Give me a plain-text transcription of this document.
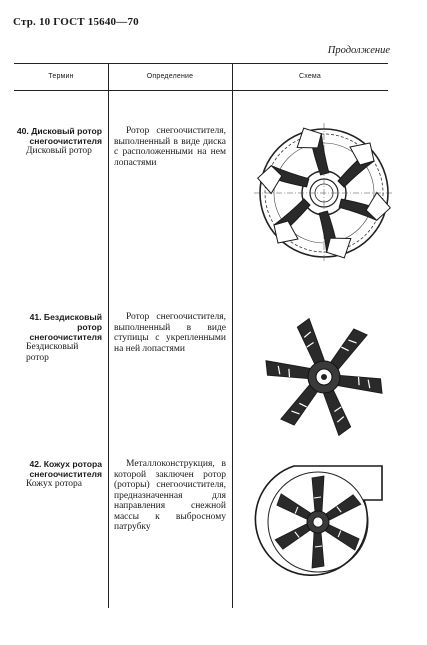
Стр. 10 ГОСТ 15640—70
Продолжение
Термин	Определение	Схема
40. Дисковый ротор снегоочистителя
Дисковый ротор
Ротор снегоочистителя, выполненный в виде диска с расположенными на нем лопастями
41. Бездисковый ротор снегоочистителя
Бездисковый ротор
Ротор снегоочистителя, выполненный в виде ступицы с укрепленными на ней лопастями
42. Кожух ротора снегоочистителя
Кожух ротора
Металлоконструкция, в которой заключен ротор (роторы) снегоочистителя, предназначенная для направления снежной массы к выбросному патрубку
